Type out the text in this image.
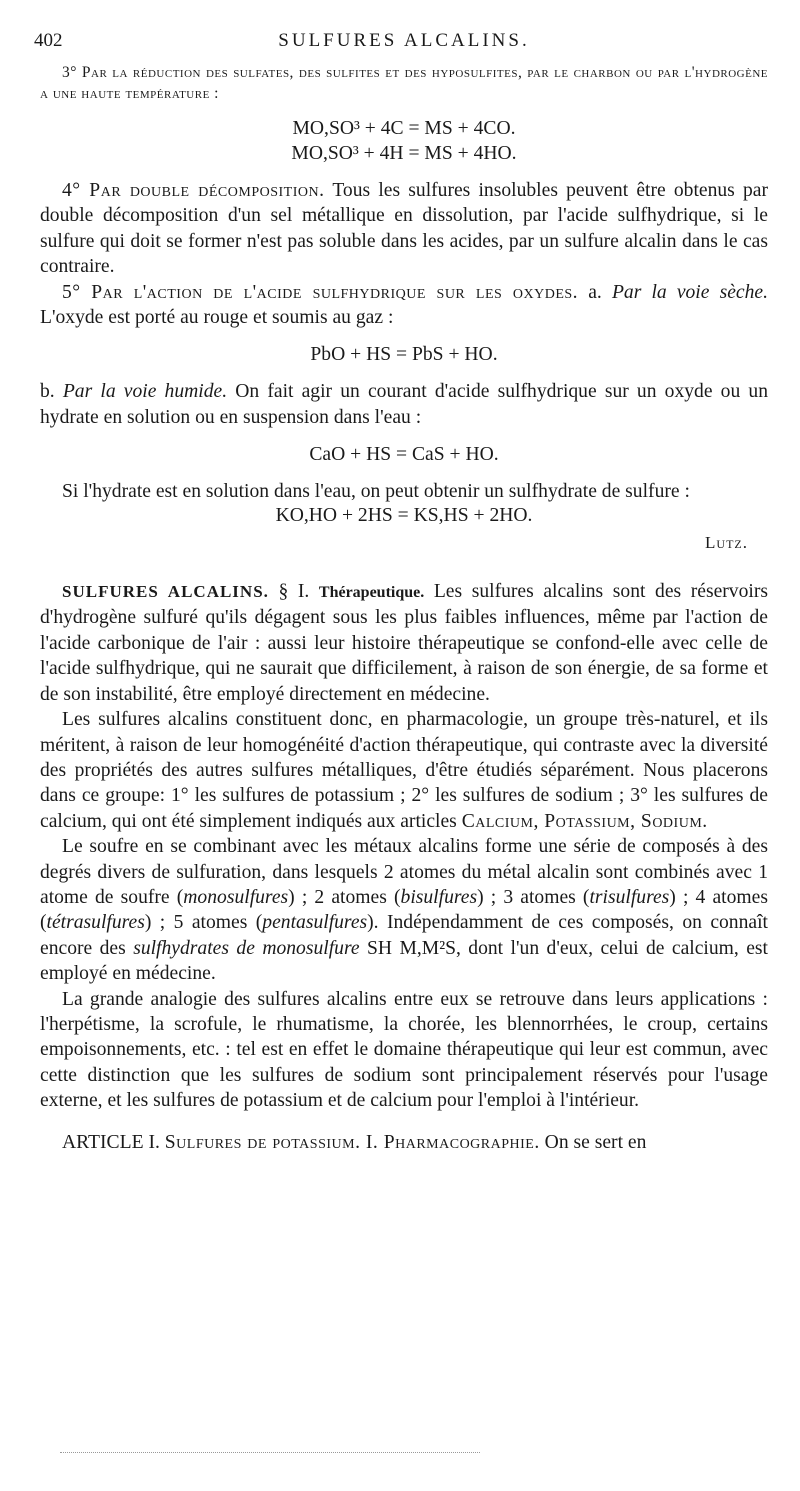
402	SULFURES ALCALINS.

3° Par la réduction des sulfates, des sulfites et des hyposulfites, par le charbon ou par l'hydrogène a une haute température :

MO,SO³ + 4C = MS + 4CO.

MO,SO³ + 4H = MS + 4HO.

4° Par double décomposition. Tous les sulfures insolubles peuvent être obtenus par double décomposition d'un sel métallique en dissolution, par l'acide sulfhydrique, si le sulfure qui doit se former n'est pas soluble dans les acides, par un sulfure alcalin dans le cas contraire.

5° Par l'action de l'acide sulfhydrique sur les oxydes. a. Par la voie sèche. L'oxyde est porté au rouge et soumis au gaz :

PbO + HS = PbS + HO.

b. Par la voie humide. On fait agir un courant d'acide sulfhydrique sur un oxyde ou un hydrate en solution ou en suspension dans l'eau :

CaO + HS = CaS + HO.

Si l'hydrate est en solution dans l'eau, on peut obtenir un sulfhydrate de sulfure :

KO,HO + 2HS = KS,HS + 2HO.

Lutz.

SULFURES ALCALINS. § I. Thérapeutique. Les sulfures alcalins sont des réservoirs d'hydrogène sulfuré qu'ils dégagent sous les plus faibles influences, même par l'action de l'acide carbonique de l'air : aussi leur histoire thérapeutique se confond-elle avec celle de l'acide sulfhydrique, qui ne saurait que difficilement, à raison de son énergie, de sa forme et de son instabilité, être employé directement en médecine.

Les sulfures alcalins constituent donc, en pharmacologie, un groupe très-naturel, et ils méritent, à raison de leur homogénéité d'action thérapeutique, qui contraste avec la diversité des propriétés des autres sulfures métalliques, d'être étudiés séparément. Nous placerons dans ce groupe: 1° les sulfures de potassium ; 2° les sulfures de sodium ; 3° les sulfures de calcium, qui ont été simplement indiqués aux articles Calcium, Potassium, Sodium.

Le soufre en se combinant avec les métaux alcalins forme une série de composés à des degrés divers de sulfuration, dans lesquels 2 atomes du métal alcalin sont combinés avec 1 atome de soufre (monosulfures) ; 2 atomes (bisulfures) ; 3 atomes (trisulfures) ; 4 atomes (tétrasulfures) ; 5 atomes (pentasulfures). Indépendamment de ces composés, on connaît encore des sulfhydrates de monosulfure SH M,M²S, dont l'un d'eux, celui de calcium, est employé en médecine.

La grande analogie des sulfures alcalins entre eux se retrouve dans leurs applications : l'herpétisme, la scrofule, le rhumatisme, la chorée, les blennorrhées, le croup, certains empoisonnements, etc. : tel est en effet le domaine thérapeutique qui leur est commun, avec cette distinction que les sulfures de sodium sont principalement réservés pour l'usage externe, et les sulfures de potassium et de calcium pour l'emploi à l'intérieur.

ARTICLE I. Sulfures de potassium. I. Pharmacographie. On se sert en
